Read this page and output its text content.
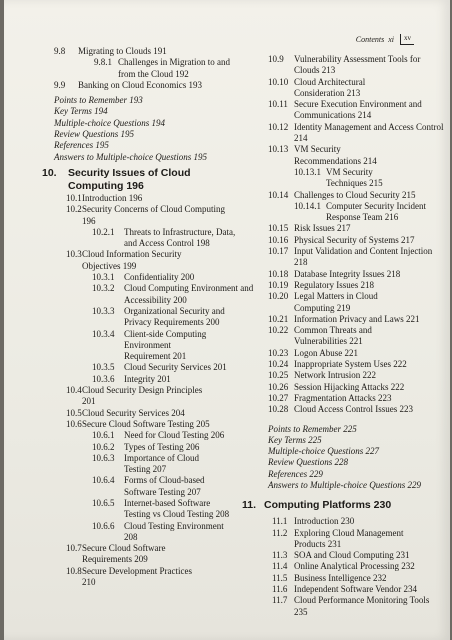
Contents xi	xv
9.8 Migrating to Clouds 191
9.8.1 Challenges in Migration to and from the Cloud 192
9.9 Banking on Cloud Economics 193
Points to Remember 193
Key Terms 194
Multiple-choice Questions 194
Review Questions 195
References 195
Answers to Multiple-choice Questions 195
10. Security Issues of Cloud Computing 196
10.1 Introduction 196
10.2 Security Concerns of Cloud Computing 196
10.2.1 Threats to Infrastructure, Data, and Access Control 198
10.3 Cloud Information Security Objectives 199
10.3.1 Confidentiality 200
10.3.2 Cloud Computing Environment and Accessibility 200
10.3.3 Organizational Security and Privacy Requirements 200
10.3.4 Client-side Computing Environment Requirement 201
10.3.5 Cloud Security Services 201
10.3.6 Integrity 201
10.4 Cloud Security Design Principles 201
10.5 Cloud Security Services 204
10.6 Secure Cloud Software Testing 205
10.6.1 Need for Cloud Testing 206
10.6.2 Types of Testing 206
10.6.3 Importance of Cloud Testing 207
10.6.4 Forms of Cloud-based Software Testing 207
10.6.5 Internet-based Software Testing vs Cloud Testing 208
10.6.6 Cloud Testing Environment 208
10.7 Secure Cloud Software Requirements 209
10.8 Secure Development Practices 210
10.9 Vulnerability Assessment Tools for Clouds 213
10.10 Cloud Architectural Consideration 213
10.11 Secure Execution Environment and Communications 214
10.12 Identity Management and Access Control 214
10.13 VM Security Recommendations 214
10.13.1 VM Security Techniques 215
10.14 Challenges to Cloud Security 215
10.14.1 Computer Security Incident Response Team 216
10.15 Risk Issues 217
10.16 Physical Security of Systems 217
10.17 Input Validation and Content Injection 218
10.18 Database Integrity Issues 218
10.19 Regulatory Issues 218
10.20 Legal Matters in Cloud Computing 219
10.21 Information Privacy and Laws 221
10.22 Common Threats and Vulnerabilities 221
10.23 Logon Abuse 221
10.24 Inappropriate System Uses 222
10.25 Network Intrusion 222
10.26 Session Hijacking Attacks 222
10.27 Fragmentation Attacks 223
10.28 Cloud Access Control Issues 223
Points to Remember 225
Key Terms 225
Multiple-choice Questions 227
Review Questions 228
References 229
Answers to Multiple-choice Questions 229
11. Computing Platforms 230
11.1 Introduction 230
11.2 Exploring Cloud Management Products 231
11.3 SOA and Cloud Computing 231
11.4 Online Analytical Processing 232
11.5 Business Intelligence 232
11.6 Independent Software Vendor 234
11.7 Cloud Performance Monitoring Tools 235
